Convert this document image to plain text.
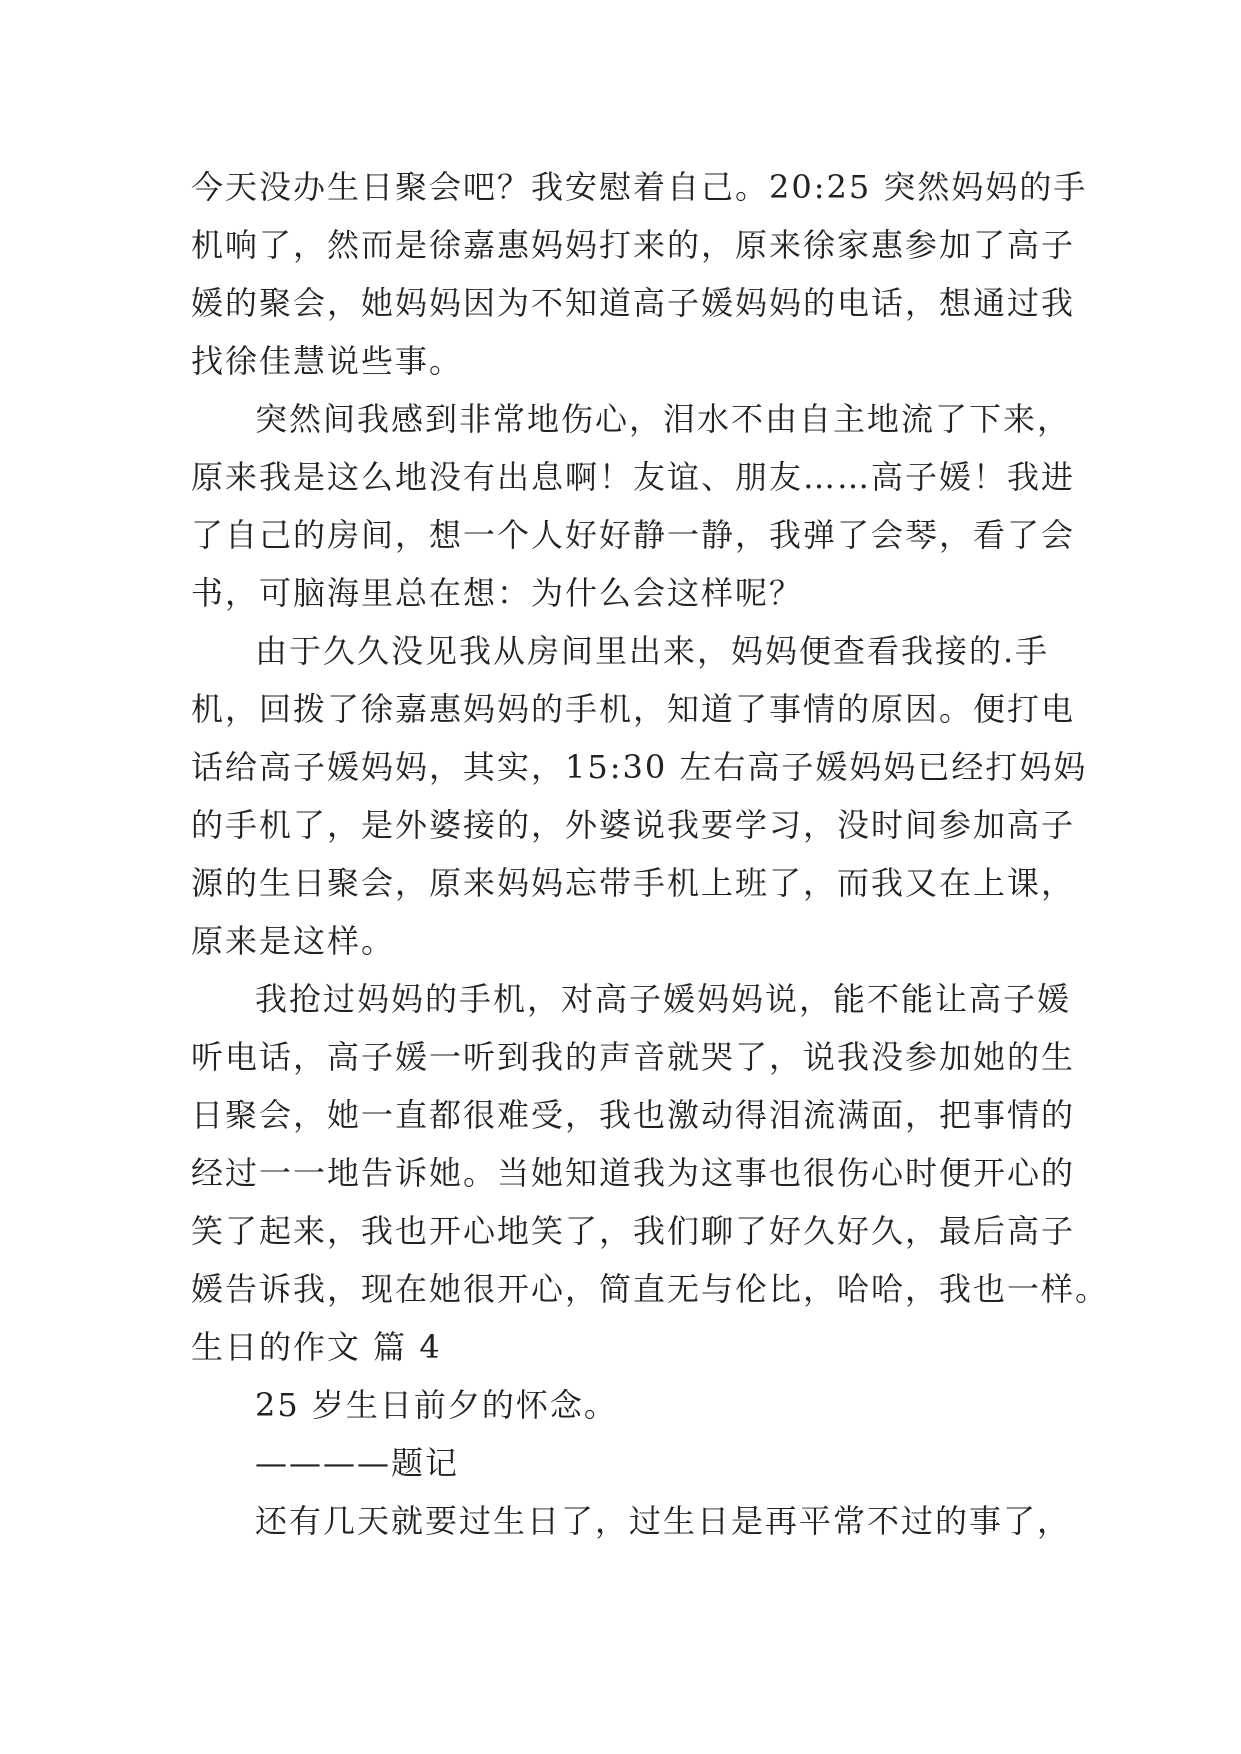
今天没办生日聚会吧？我安慰着自己。20:25 突然妈妈的手
机响了，然而是徐嘉惠妈妈打来的，原来徐家惠参加了高子
媛的聚会，她妈妈因为不知道高子媛妈妈的电话，想通过我
找徐佳慧说些事。

突然间我感到非常地伤心，泪水不由自主地流了下来，
原来我是这么地没有出息啊！友谊、朋友……高子媛！我进
了自己的房间，想一个人好好静一静，我弹了会琴，看了会
书，可脑海里总在想：为什么会这样呢？

由于久久没见我从房间里出来，妈妈便查看我接的.手
机，回拨了徐嘉惠妈妈的手机，知道了事情的原因。便打电
话给高子媛妈妈，其实，15:30 左右高子媛妈妈已经打妈妈
的手机了，是外婆接的，外婆说我要学习，没时间参加高子
源的生日聚会，原来妈妈忘带手机上班了，而我又在上课，
原来是这样。

我抢过妈妈的手机，对高子媛妈妈说，能不能让高子媛
听电话，高子媛一听到我的声音就哭了，说我没参加她的生
日聚会，她一直都很难受，我也激动得泪流满面，把事情的
经过一一地告诉她。当她知道我为这事也很伤心时便开心的
笑了起来，我也开心地笑了，我们聊了好久好久，最后高子
媛告诉我，现在她很开心，简直无与伦比，哈哈，我也一样。

生日的作文 篇 4

25 岁生日前夕的怀念。

————题记

还有几天就要过生日了，过生日是再平常不过的事了，
